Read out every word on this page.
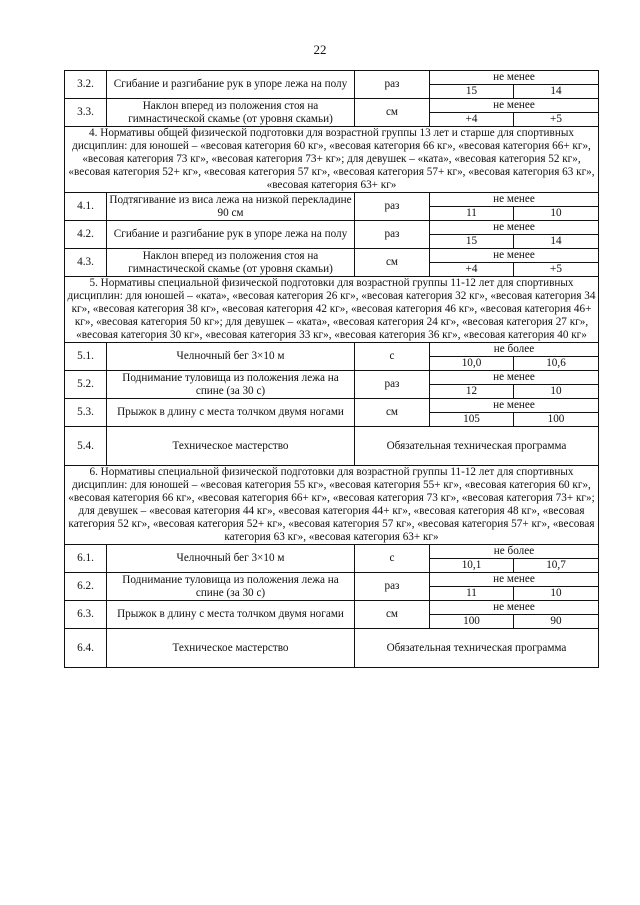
22
3.2.	Сгибание и разгибание рук в упоре лежа на полу	раз	не менее	
			15	14
3.3.	Наклон вперед из положения стоя на гимнастической скамье (от уровня скамьи)	см	не менее	
			+4	+5
4. Нормативы общей физической подготовки для возрастной группы 13 лет и старше для спортивных дисциплин: для юношей – «весовая категория 60 кг», «весовая категория 66 кг», «весовая категория 66+ кг», «весовая категория 73 кг», «весовая категория 73+ кг»; для девушек – «ката», «весовая категория 52 кг», «весовая категория 52+ кг», «весовая категория 57 кг», «весовая категория 57+ кг», «весовая категория 63 кг», «весовая категория 63+ кг»				
4.1.	Подтягивание из виса лежа на низкой перекладине 90 см	раз	не менее	
			11	10
4.2.	Сгибание и разгибание рук в упоре лежа на полу	раз	не менее	
			15	14
4.3.	Наклон вперед из положения стоя на гимнастической скамье (от уровня скамьи)	см	не менее	
			+4	+5
5. Нормативы специальной физической подготовки для возрастной группы 11-12 лет для спортивных дисциплин: для юношей – «ката», «весовая категория 26 кг», «весовая категория 32 кг», «весовая категория 34 кг», «весовая категория 38 кг», «весовая категория 42 кг», «весовая категория 46 кг», «весовая категория 46+ кг», «весовая категория 50 кг»; для девушек – «ката», «весовая категория 24 кг», «весовая категория 27 кг», «весовая категория 30 кг», «весовая категория 33 кг», «весовая категория 36 кг», «весовая категория 40 кг»				
5.1.	Челночный бег 3×10 м	с	не более	
			10,0	10,6
5.2.	Поднимание туловища из положения лежа на спине (за 30 с)	раз	не менее	
			12	10
5.3.	Прыжок в длину с места толчком двумя ногами	см	не менее	
			105	100
5.4.	Техническое мастерство	Обязательная техническая программа		
6. Нормативы специальной физической подготовки для возрастной группы 11-12 лет для спортивных дисциплин: для юношей – «весовая категория 55 кг», «весовая категория 55+ кг», «весовая категория 60 кг», «весовая категория 66 кг», «весовая категория 66+ кг», «весовая категория 73 кг», «весовая категория 73+ кг»; для девушек – «весовая категория 44 кг», «весовая категория 44+ кг», «весовая категория 48 кг», «весовая категория 52 кг», «весовая категория 52+ кг», «весовая категория 57 кг», «весовая категория 57+ кг», «весовая категория 63 кг», «весовая категория 63+ кг»				
6.1.	Челночный бег 3×10 м	с	не более	
			10,1	10,7
6.2.	Поднимание туловища из положения лежа на спине (за 30 с)	раз	не менее	
			11	10
6.3.	Прыжок в длину с места толчком двумя ногами	см	не менее	
			100	90
6.4.	Техническое мастерство	Обязательная техническая программа		
